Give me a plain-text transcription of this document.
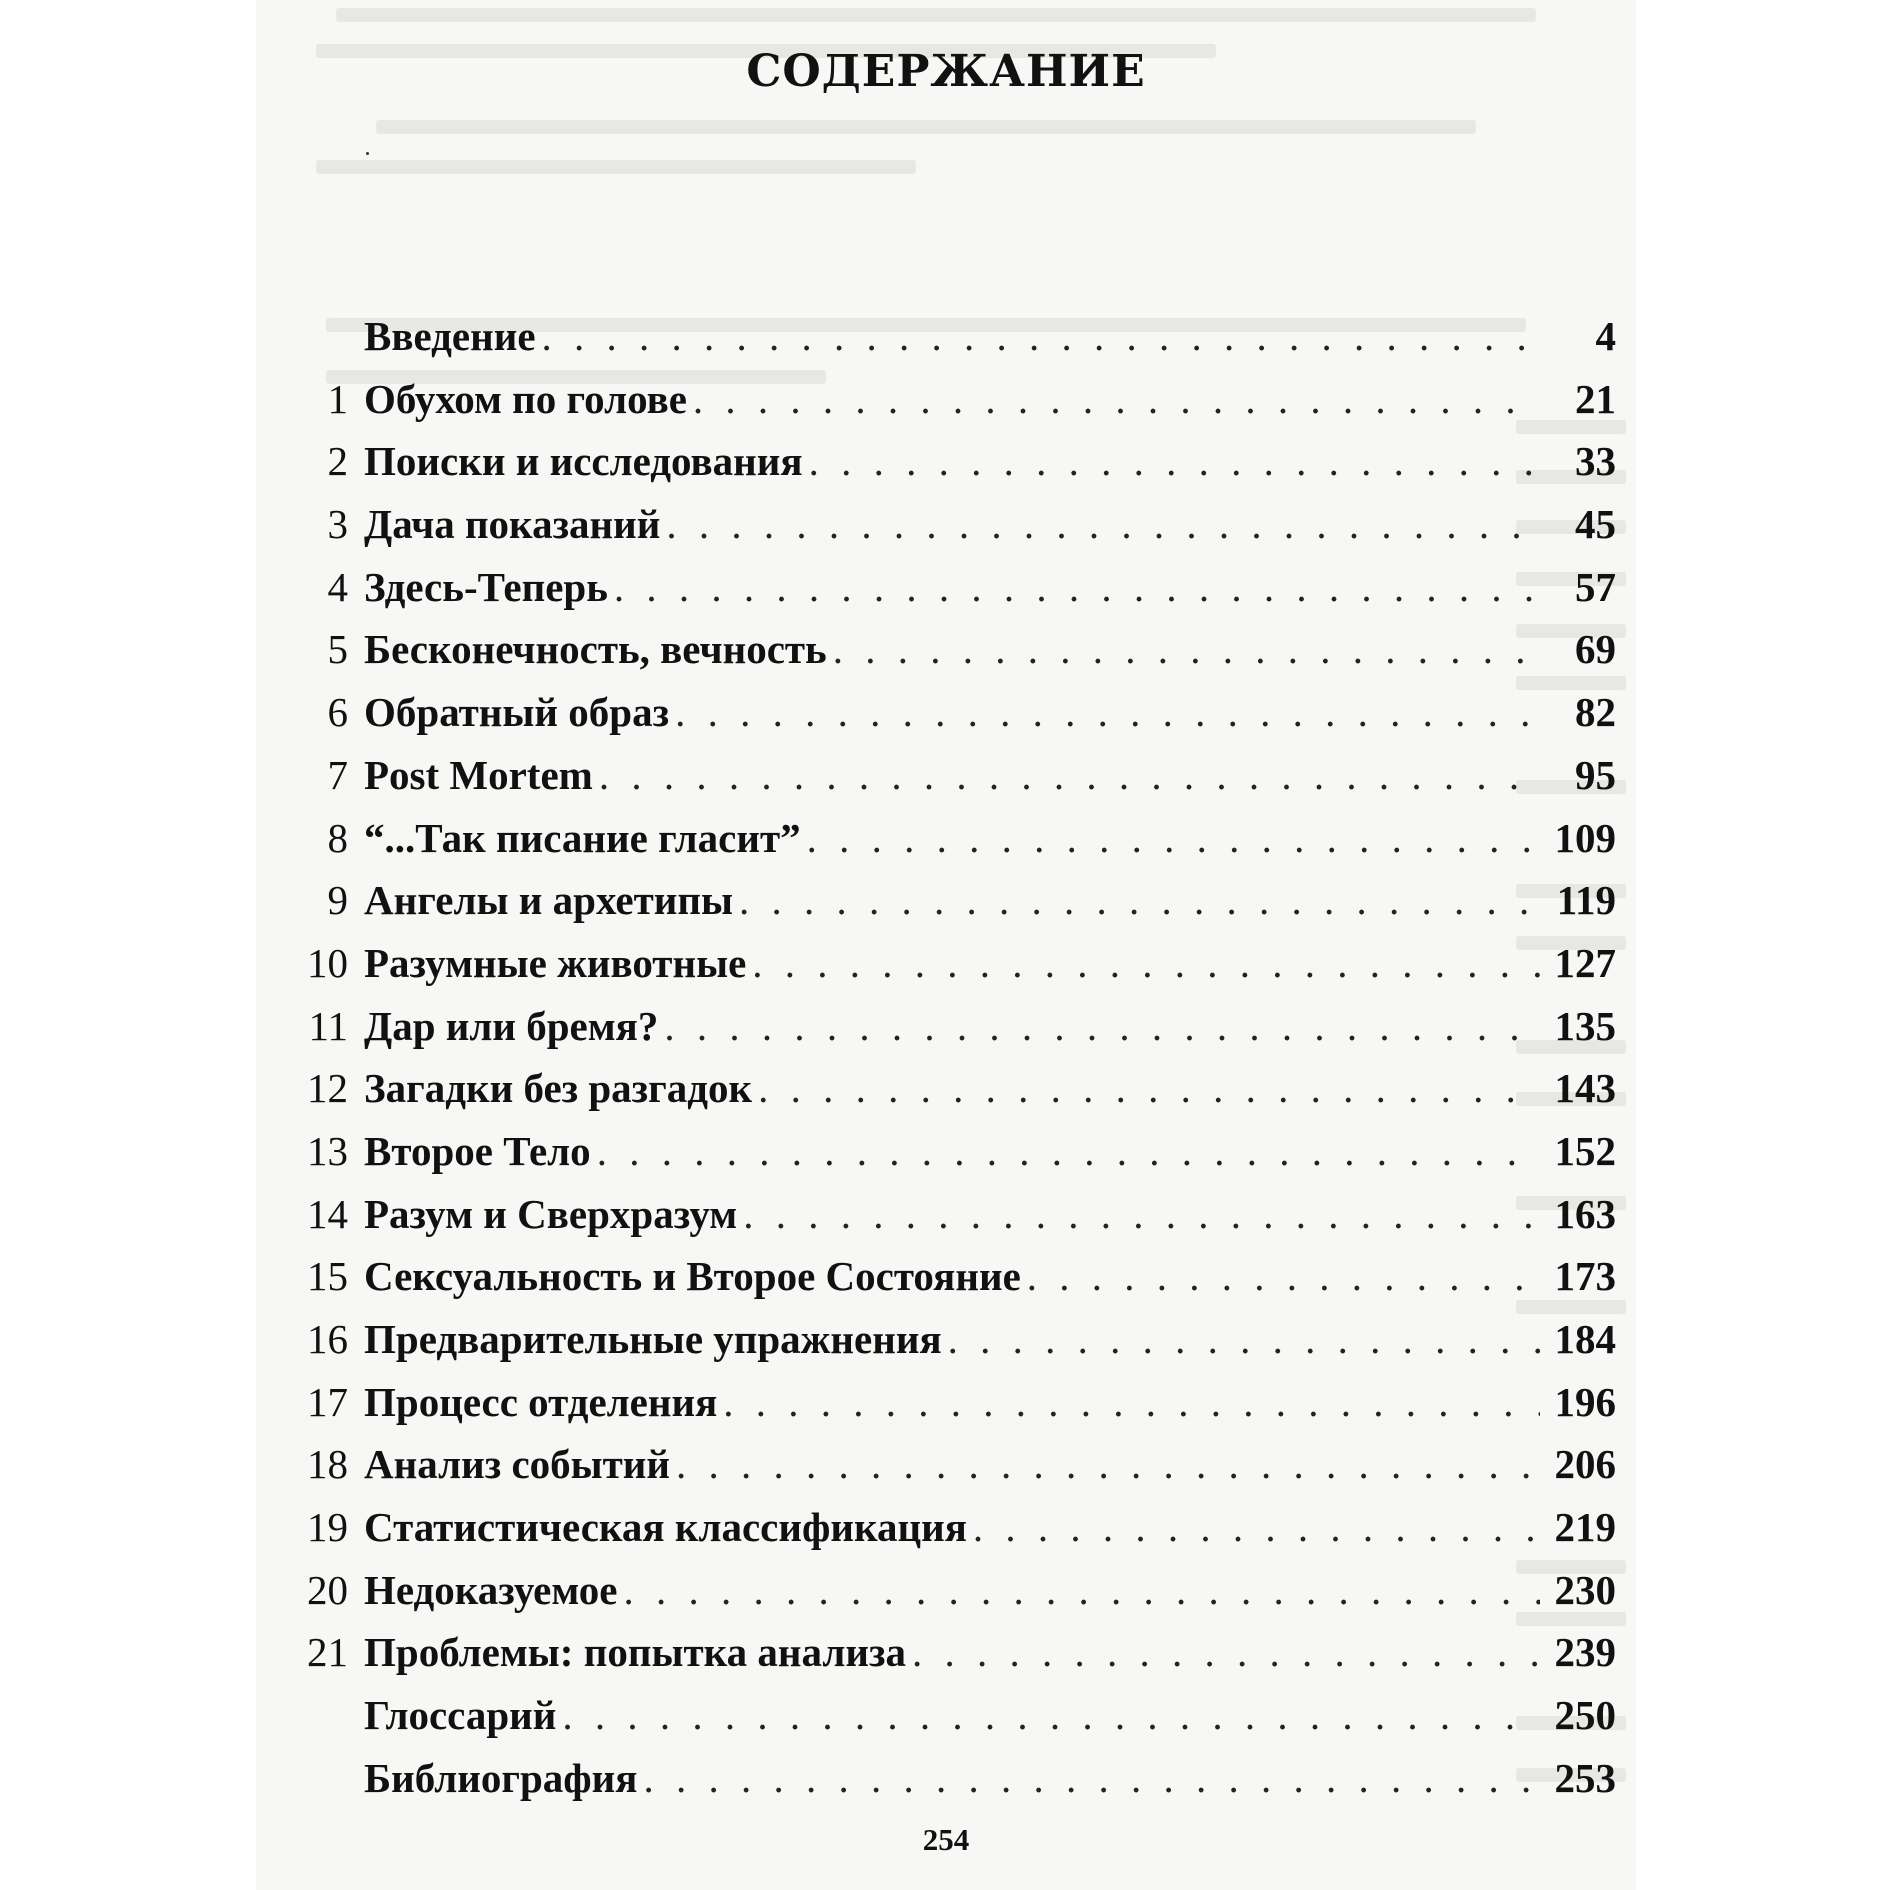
СОДЕРЖАНИЕ
Введение . . .	4
1 Обухом по голове . . .	21
2 Поиски и исследования . . .	33
3 Дача показаний . . .	45
4 Здесь-Теперь . . .	57
5 Бесконечность, вечность . . .	69
6 Обратный образ . . .	82
7 Post Mortem . . .	95
8 “...Так писание гласит” . . .	109
9 Ангелы и архетипы . . .	119
10 Разумные животные . . .	127
11 Дар или бремя? . . .	135
12 Загадки без разгадок . . .	143
13 Второе Тело . . .	152
14 Разум и Сверхразум . . .	163
15 Сексуальность и Второе Состояние . . .	173
16 Предварительные упражнения . . .	184
17 Процесс отделения . . .	196
18 Анализ событий . . .	206
19 Статистическая классификация . . .	219
20 Недоказуемое . . .	230
21 Проблемы: попытка анализа . . .	239
Глоссарий . . .	250
Библиография . . .	253
254
